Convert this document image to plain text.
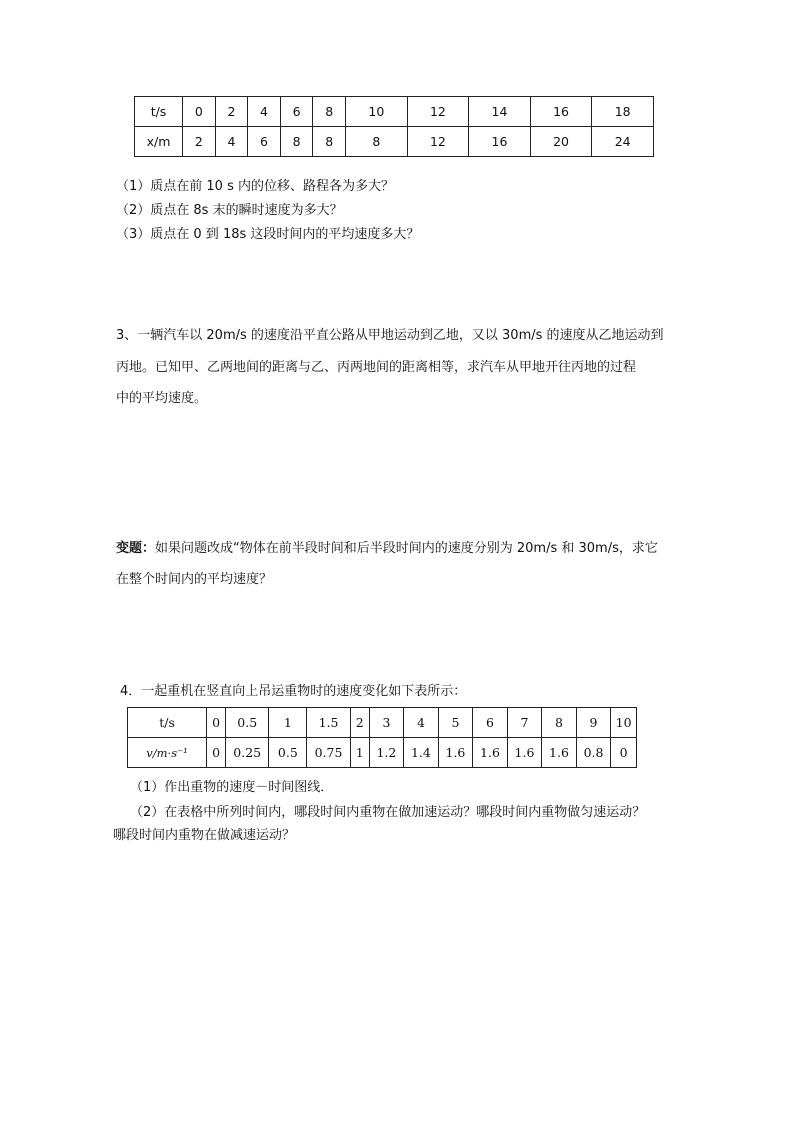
t/s	0	2	4	6	8	10	12	14	16	18
x/m	2	4	6	8	8	8	12	16	20	24
（1）质点在前 10 s 内的位移、路程各为多大？
（2）质点在 8s 末的瞬时速度为多大？
（3）质点在 0 到 18s 这段时间内的平均速度多大？
3、一辆汽车以 20m/s 的速度沿平直公路从甲地运动到乙地，又以 30m/s 的速度从乙地运动到
丙地。已知甲、乙两地间的距离与乙、丙两地间的距离相等，求汽车从甲地开往丙地的过程
中的平均速度。
变题：如果问题改成“物体在前半段时间和后半段时间内的速度分别为 20m/s 和 30m/s，求它
在整个时间内的平均速度？
4．一起重机在竖直向上吊运重物时的速度变化如下表所示：
t/s	0	0.5	1	1.5	2	3	4	5	6	7	8	9	10
v/m·s⁻¹	0	0.25	0.5	0.75	1	1.2	1.4	1.6	1.6	1.6	1.6	0.8	0
（1）作出重物的速度－时间图线．
（2）在表格中所列时间内，哪段时间内重物在做加速运动？哪段时间内重物做匀速运动？
哪段时间内重物在做减速运动？
